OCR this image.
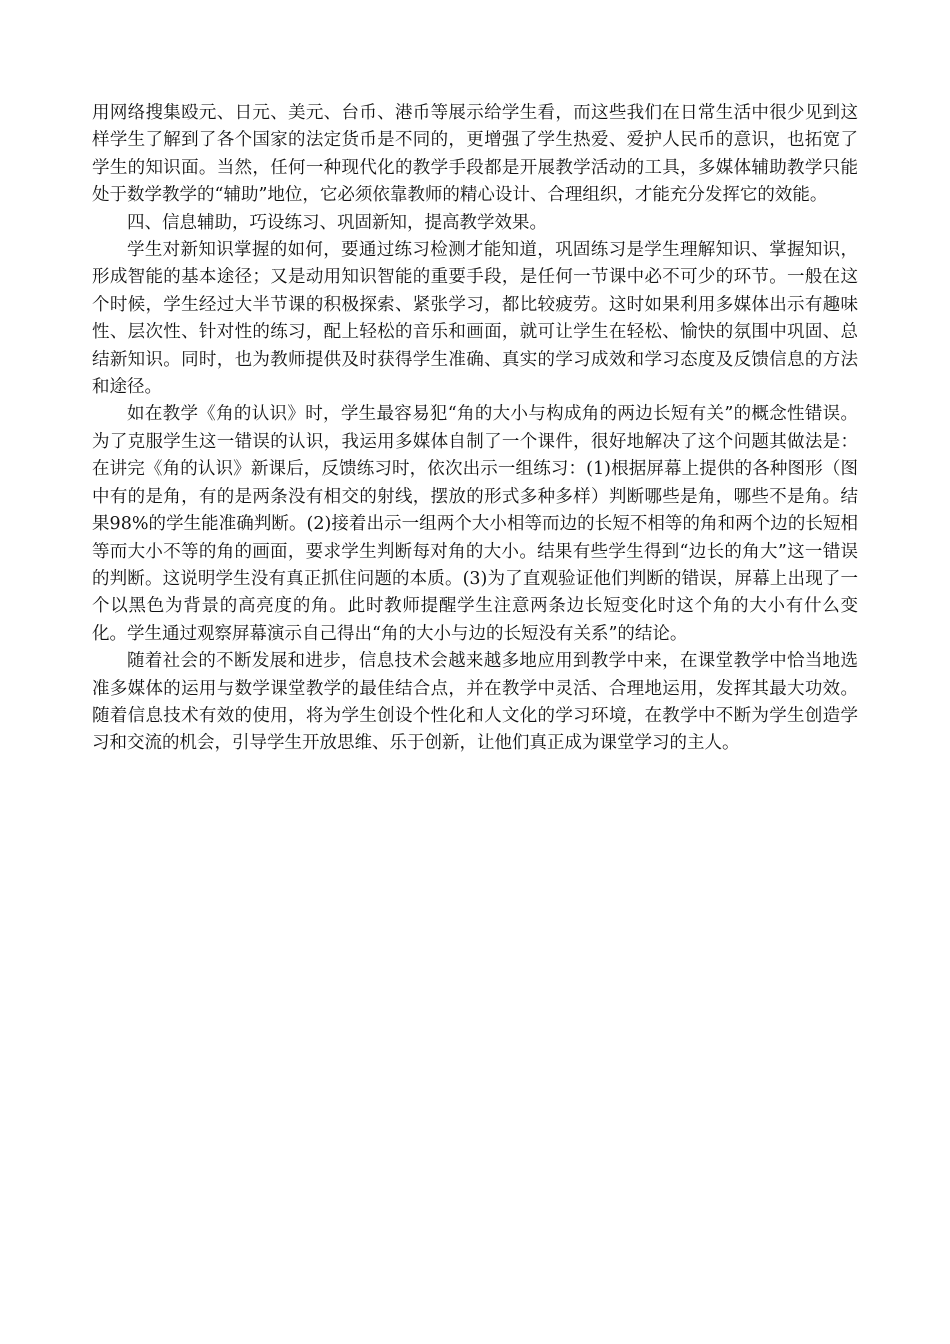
用网络搜集殴元、日元、美元、台币、港币等展示给学生看，而这些我们在日常生活中很少见到这样学生了解到了各个国家的法定货币是不同的，更增强了学生热爱、爱护人民币的意识，也拓宽了学生的知识面。当然，任何一种现代化的教学手段都是开展教学活动的工具，多媒体辅助教学只能处于数学教学的“辅助”地位，它必须依靠教师的精心设计、合理组织，才能充分发挥它的效能。

四、信息辅助，巧设练习、巩固新知，提高教学效果。

学生对新知识掌握的如何，要通过练习检测才能知道，巩固练习是学生理解知识、掌握知识，形成智能的基本途径；又是动用知识智能的重要手段，是任何一节课中必不可少的环节。一般在这个时候，学生经过大半节课的积极探索、紧张学习，都比较疲劳。这时如果利用多媒体出示有趣味性、层次性、针对性的练习，配上轻松的音乐和画面，就可让学生在轻松、愉快的氛围中巩固、总结新知识。同时，也为教师提供及时获得学生准确、真实的学习成效和学习态度及反馈信息的方法和途径。

如在教学《角的认识》时，学生最容易犯“角的大小与构成角的两边长短有关”的概念性错误。为了克服学生这一错误的认识，我运用多媒体自制了一个课件，很好地解决了这个问题其做法是：在讲完《角的认识》新课后，反馈练习时，依次出示一组练习：(1)根据屏幕上提供的各种图形（图中有的是角，有的是两条没有相交的射线，摆放的形式多种多样）判断哪些是角，哪些不是角。结果98%的学生能准确判断。(2)接着出示一组两个大小相等而边的长短不相等的角和两个边的长短相等而大小不等的角的画面，要求学生判断每对角的大小。结果有些学生得到“边长的角大”这一错误的判断。这说明学生没有真正抓住问题的本质。(3)为了直观验证他们判断的错误，屏幕上出现了一个以黑色为背景的高亮度的角。此时教师提醒学生注意两条边长短变化时这个角的大小有什么变化。学生通过观察屏幕演示自己得出“角的大小与边的长短没有关系”的结论。

随着社会的不断发展和进步，信息技术会越来越多地应用到教学中来，在课堂教学中恰当地选准多媒体的运用与数学课堂教学的最佳结合点，并在教学中灵活、合理地运用，发挥其最大功效。随着信息技术有效的使用，将为学生创设个性化和人文化的学习环境，在教学中不断为学生创造学习和交流的机会，引导学生开放思维、乐于创新，让他们真正成为课堂学习的主人。
